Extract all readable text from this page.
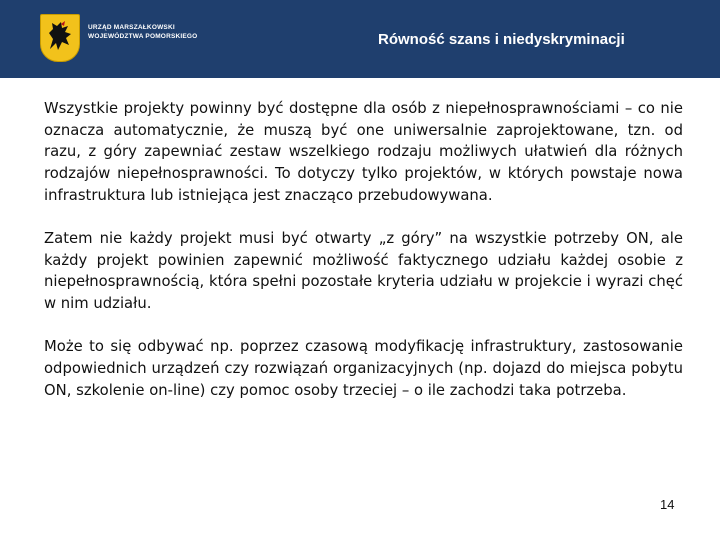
URZĄD MARSZAŁKOWSKI
WOJEWÓDZTWA POMORSKIEGO	Równość szans i niedyskryminacji

Wszystkie projekty powinny być dostępne dla osób z niepełnosprawnościami – co nie oznacza automatycznie, że muszą być one uniwersalnie zaprojektowane, tzn. od razu, z góry zapewniać zestaw wszelkiego rodzaju możliwych ułatwień dla różnych rodzajów niepełnosprawności. To dotyczy tylko projektów, w których powstaje nowa infrastruktura lub istniejąca jest znacząco przebudowywana.

Zatem nie każdy projekt musi być otwarty „z góry” na wszystkie potrzeby ON, ale każdy projekt powinien zapewnić możliwość faktycznego udziału każdej osobie z niepełnosprawnością, która spełni pozostałe kryteria udziału w projekcie i wyrazi chęć w nim udziału.

Może to się odbywać np. poprzez czasową modyfikację infrastruktury, zastosowanie odpowiednich urządzeń czy rozwiązań organizacyjnych (np. dojazd do miejsca pobytu ON, szkolenie on-line) czy pomoc osoby trzeciej – o ile zachodzi taka potrzeba.

14
